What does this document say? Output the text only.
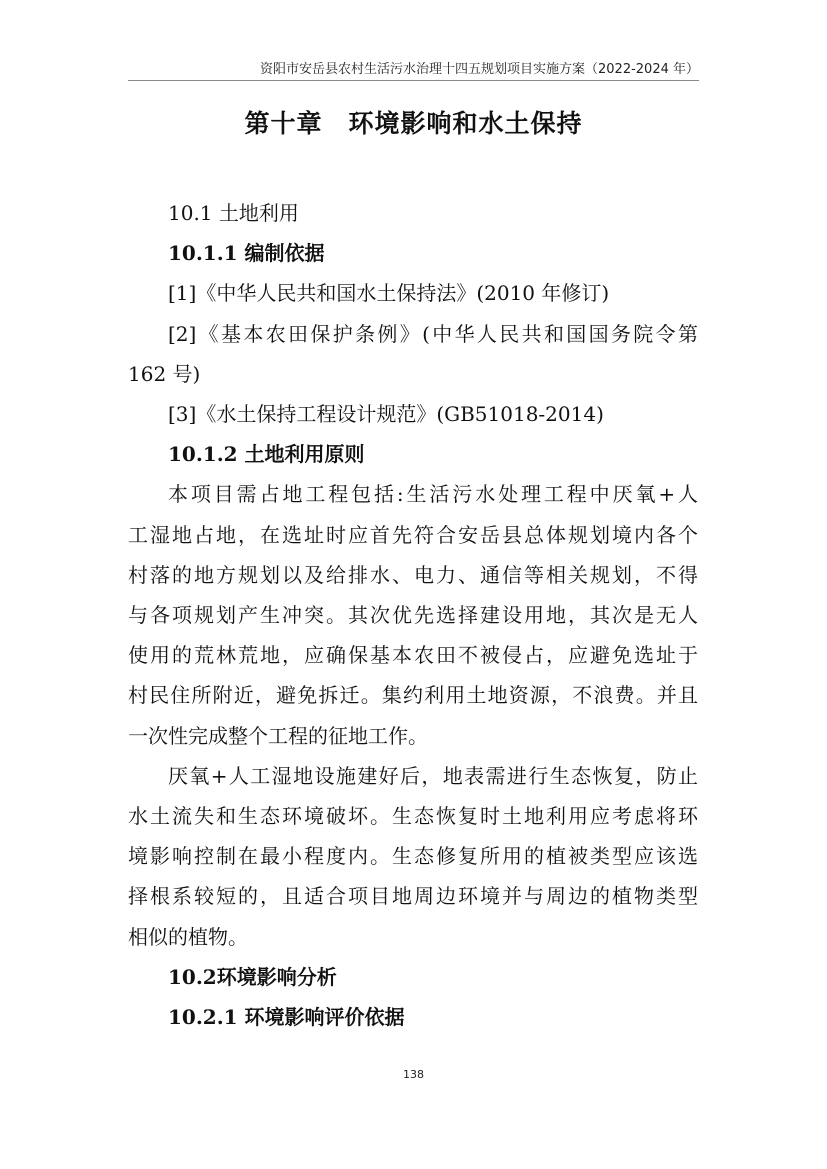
资阳市安岳县农村生活污水治理十四五规划项目实施方案（2022-2024 年）
第十章　环境影响和水土保持

10.1 土地利用

10.1.1 编制依据

[1]《中华人民共和国水土保持法》(2010 年修订)

[2]《基本农田保护条例》(中华人民共和国国务院令第

162 号)

[3]《水土保持工程设计规范》(GB51018-2014)

10.1.2 土地利用原则

本项目需占地工程包括:生活污水处理工程中厌氧+人

工湿地占地，在选址时应首先符合安岳县总体规划境内各个

村落的地方规划以及给排水、电力、通信等相关规划，不得

与各项规划产生冲突。其次优先选择建设用地，其次是无人

使用的荒林荒地，应确保基本农田不被侵占，应避免选址于

村民住所附近，避免拆迁。集约利用土地资源，不浪费。并且

一次性完成整个工程的征地工作。

厌氧+人工湿地设施建好后，地表需进行生态恢复，防止

水土流失和生态环境破坏。生态恢复时土地利用应考虑将环

境影响控制在最小程度内。生态修复所用的植被类型应该选

择根系较短的，且适合项目地周边环境并与周边的植物类型

相似的植物。

10.2环境影响分析

10.2.1 环境影响评价依据

138
